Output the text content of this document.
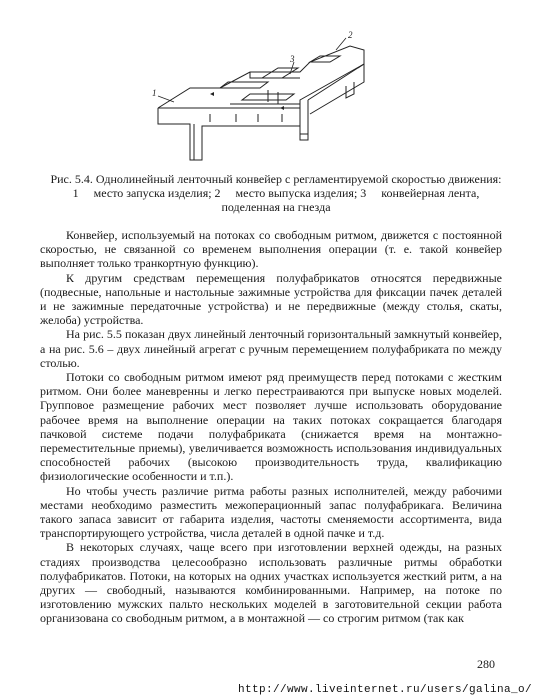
1
2
3
Рис. 5.4. Однолинейный ленточный конвейер с регламентируемой скоростью движения:
1     место запуска изделия; 2     место выпуска изделия; 3     конвейерная лента,
поделенная на гнезда

Конвейер, используемый на потоках со свободным ритмом, движется с постоянной скоростью, не связанной со временем выполнения операции (т. е. такой конвейер выполняет только транкортную функцию).

К другим средствам перемещения полуфабрикатов относятся передвижные (подвесные, напольные и настольные зажимные устройства для фиксации пачек деталей и не зажимные передаточные устройства) и не передвижные (между столья, скаты, желоба) устройства.

На рис. 5.5 показан двух линейный ленточный горизонтальный замкнутый конвейер, а на рис. 5.6 – двух линейный агрегат с ручным перемещением полуфабриката по между столью.

Потоки со свободным ритмом имеют ряд преимуществ перед потоками с жестким ритмом. Они более маневренны и легко перестраиваются при выпуске новых моделей. Групповое размещение рабочих мест позволяет лучше использовать оборудование рабочее время на выполнение операции на таких потоках сокращается благодаря пачковой системе подачи полуфабриката (снижается время на монтажно-переместительные приемы), увеличивается возможность использования индивидуальных способностей рабочих (высокою производительность труда, квалификацию физиологические особенности и т.п.).

Но чтобы учесть различие ритма работы разных исполнителей, между рабочими местами необходимо разместить межоперационный запас полуфабрикага. Величина такого запаса зависит от габарита изделия, частоты сменяемости ассортимента, вида транспортирующего устройства, числа деталей в одной пачке и т.д.

В некоторых случаях, чаще всего при изготовлении верхней одежды, на разных стадиях производства целесообразно использовать различные ритмы обработки полуфабрикатов. Потоки, на которых на одних участках используется жесткий ритм, а на других — свободный, называются комбинированными. Например, на потоке по изготовлению мужских пальто нескольких моделей в заготовительной секции работа организована со свободным ритмом, а в монтажной — со строгим ритмом (так как

280
http://www.liveinternet.ru/users/galina_o/
